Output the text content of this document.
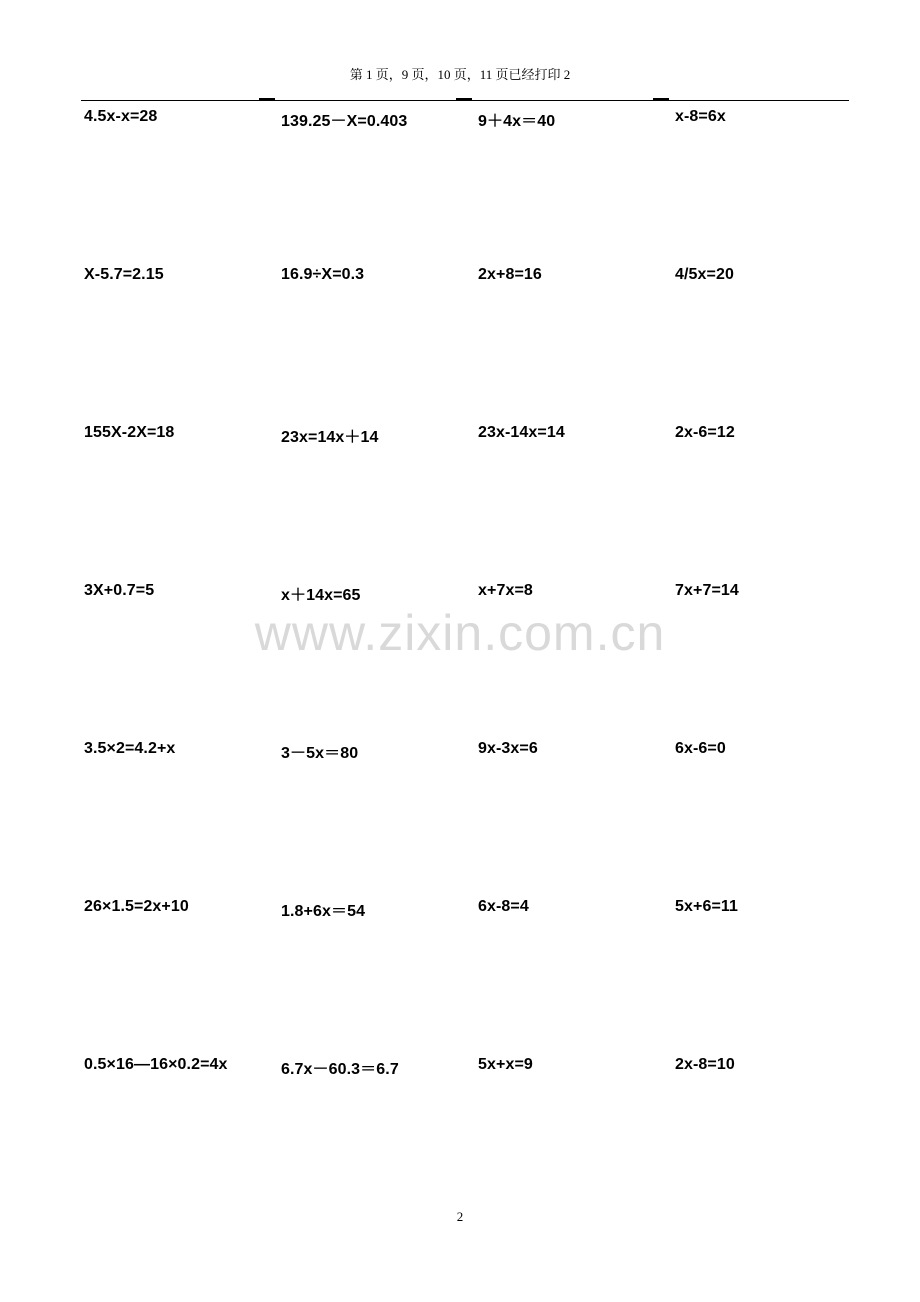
第 1 页，9 页，10 页，11 页已经打印 2
www.zixin.com.cn
4.5x-x=28	139.25－X=0.403	9＋4x＝40	x-8=6x
X-5.7=2.15	16.9÷X=0.3	2x+8=16	4/5x=20
155X-2X=18	23x=14x＋14	23x-14x=14	2x-6=12
3X+0.7=5	x＋14x=65	x+7x=8	7x+7=14
3.5×2=4.2+x	3－5x＝80	9x-3x=6	6x-6=0
26×1.5=2x+10	1.8+6x＝54	6x-8=4	5x+6=11
0.5×16—16×0.2=4x	6.7x－60.3＝6.7	5x+x=9	2x-8=10
2
